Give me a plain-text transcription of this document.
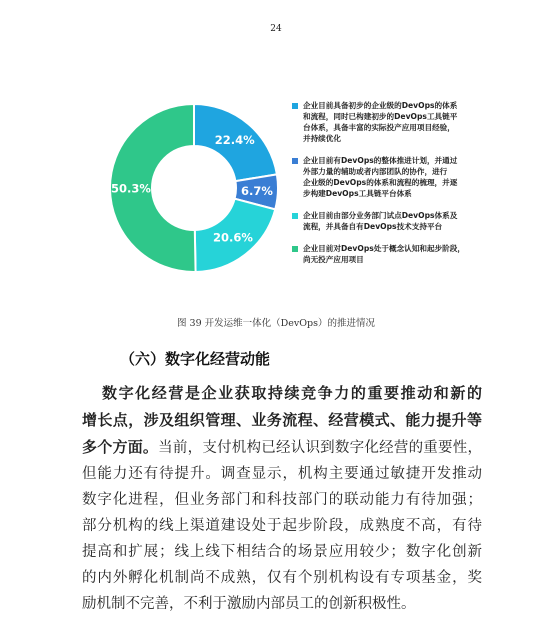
24
22.4%
6.7%
20.6%
50.3%
企业目前具备初步的企业级的DevOps的体系
和流程，同时已构建初步的DevOps工具链平
台体系，具备丰富的实际投产应用项目经验，
并持续优化
企业目前有DevOps的整体推进计划，并通过
外部力量的辅助或者内部团队的协作，进行
企业级的DevOps的体系和流程的梳理，并逐
步构建DevOps工具链平台体系
企业目前由部分业务部门试点DevOps体系及
流程，并具备自有DevOps技术支持平台
企业目前对DevOps处于概念认知和起步阶段，
尚无投产应用项目
图 39 开发运维一体化（DevOps）的推进情况
（六）数字化经营动能

数字化经营是企业获取持续竞争力的重要推动和新的
增长点，涉及组织管理、业务流程、经营模式、能力提升等
多个方面。当前，支付机构已经认识到数字化经营的重要性，
但能力还有待提升。调查显示，机构主要通过敏捷开发推动
数字化进程，但业务部门和科技部门的联动能力有待加强；
部分机构的线上渠道建设处于起步阶段，成熟度不高，有待
提高和扩展；线上线下相结合的场景应用较少；数字化创新
的内外孵化机制尚不成熟，仅有个别机构设有专项基金，奖
励机制不完善，不利于激励内部员工的创新积极性。
